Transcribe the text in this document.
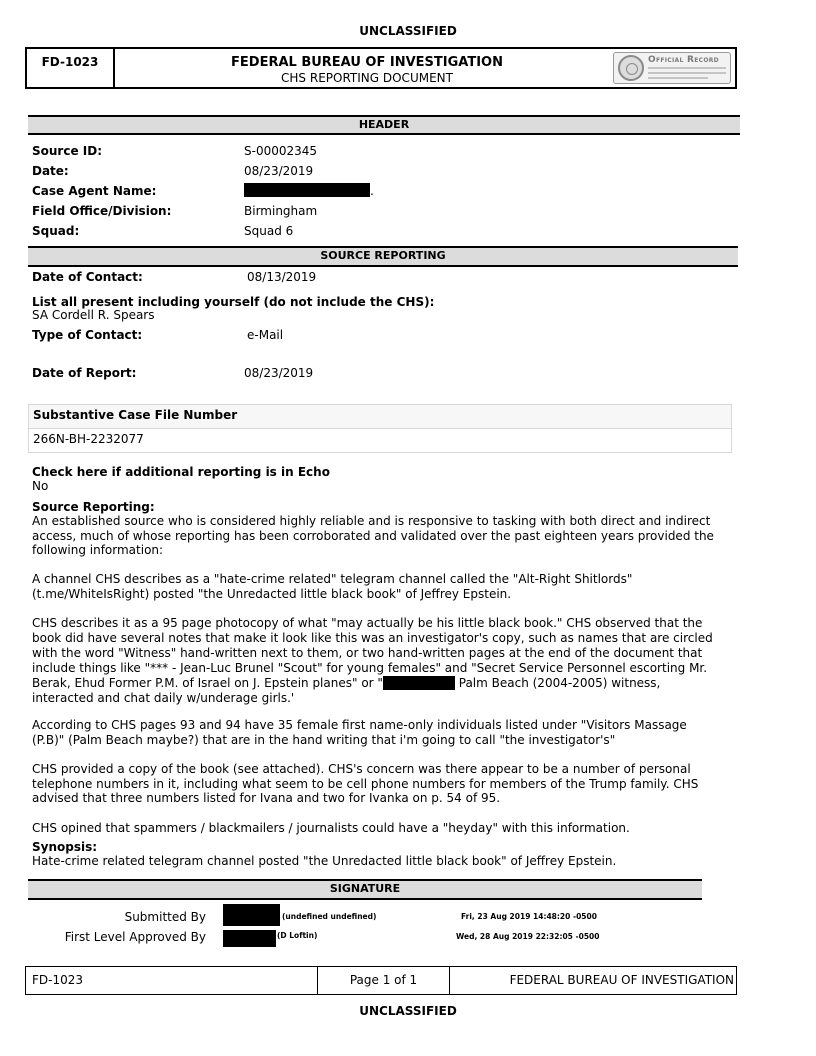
UNCLASSIFIED
FD-1023	FEDERAL BUREAU OF INVESTIGATION
CHS REPORTING DOCUMENT
Official Record
HEADER
Source ID:	S-00002345
Date:	08/23/2019
Case Agent Name:	.
Field Office/Division:	Birmingham
Squad:	Squad 6
SOURCE REPORTING
Date of Contact:	08/13/2019
List all present including yourself (do not include the CHS):
SA Cordell R. Spears
Type of Contact:	e-Mail
Date of Report:	08/23/2019
Substantive Case File Number
266N-BH-2232077
Check here if additional reporting is in Echo
No
Source Reporting:
An established source who is considered highly reliable and is responsive to tasking with both direct and indirect access, much of whose reporting has been corroborated and validated over the past eighteen years provided the following information:
A channel CHS describes as a "hate-crime related" telegram channel called the "Alt-Right Shitlords" (t.me/WhiteIsRight) posted "the Unredacted little black book" of Jeffrey Epstein.
CHS describes it as a 95 page photocopy of what "may actually be his little black book." CHS observed that the book did have several notes that make it look like this was an investigator's copy, such as names that are circled with the word "Witness" hand-written next to them, or two hand-written pages at the end of the document that include things like "*** - Jean-Luc Brunel "Scout" for young females" and "Secret Service Personnel escorting Mr. Berak, Ehud Former P.M. of Israel on J. Epstein planes" or "	Palm Beach (2004-2005) witness, interacted and chat daily w/underage girls.'
According to CHS pages 93 and 94 have 35 female first name-only individuals listed under "Visitors Massage (P.B)" (Palm Beach maybe?) that are in the hand writing that i'm going to call "the investigator's"
CHS provided a copy of the book (see attached). CHS's concern was there appear to be a number of personal telephone numbers in it, including what seem to be cell phone numbers for members of the Trump family. CHS advised that three numbers listed for Ivana and two for Ivanka on p. 54 of 95.
CHS opined that spammers / blackmailers / journalists could have a "heyday" with this information.
Synopsis:
Hate-crime related telegram channel posted "the Unredacted little black book" of Jeffrey Epstein.
SIGNATURE
Submitted By	(undefined undefined)	Fri, 23 Aug 2019 14:48:20 -0500
First Level Approved By	(D Loftin)	Wed, 28 Aug 2019 22:32:05 -0500
FD-1023	Page 1 of 1	FEDERAL BUREAU OF INVESTIGATION
UNCLASSIFIED
